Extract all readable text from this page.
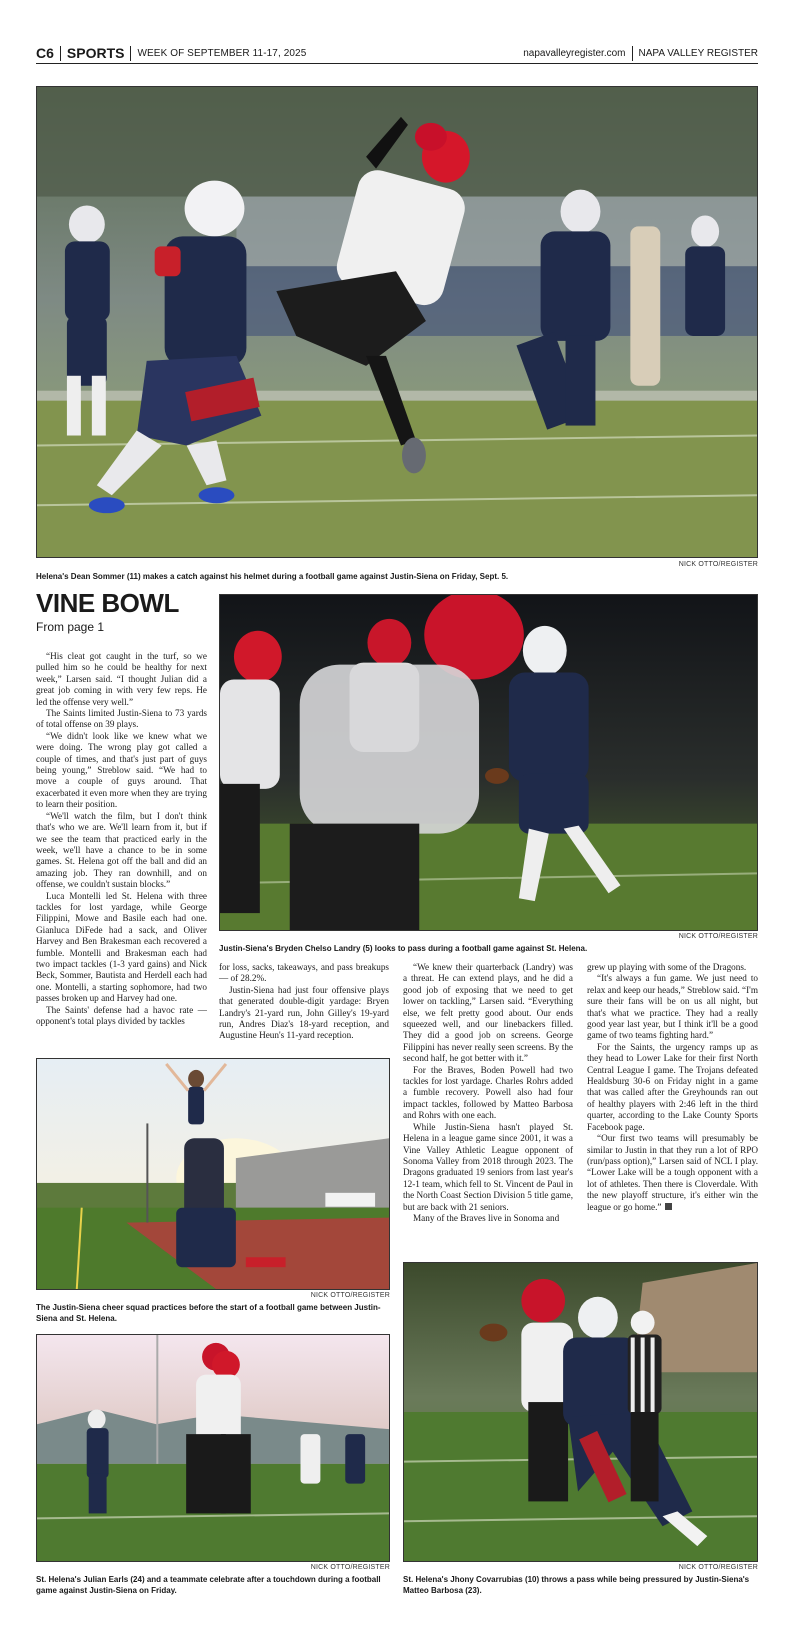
C6 SPORTS WEEK OF SEPTEMBER 11-17, 2025	napavalleyregister.com NAPA VALLEY REGISTER
NICK OTTO/REGISTER
Helena's Dean Sommer (11) makes a catch against his helmet during a football game against Justin-Siena on Friday, Sept. 5.
VINE BOWL
From page 1
NICK OTTO/REGISTER
Justin-Siena's Bryden Chelso Landry (5) looks to pass during a football game against St. Helena.

“His cleat got caught in the turf, so we pulled him so he could be healthy for next week,” Larsen said. “I thought Julian did a great job coming in with very few reps. He led the offense very well.”

The Saints limited Justin-Siena to 73 yards of total offense on 39 plays.

“We didn't look like we knew what we were doing. The wrong play got called a couple of times, and that's just part of guys being young,” Streblow said. “We had to move a couple of guys around. That exacerbated it even more when they are trying to learn their position.

“We'll watch the film, but I don't think that's who we are. We'll learn from it, but if we see the team that practiced early in the week, we'll have a chance to be in some games. St. Helena got off the ball and did an amazing job. They ran downhill, and on offense, we couldn't sustain blocks.”

Luca Montelli led St. Helena with three tackles for lost yardage, while George Filippini, Mowe and Basile each had one. Gianluca DiFede had a sack, and Oliver Harvey and Ben Brakesman each recovered a fumble. Montelli and Brakesman each had two impact tackles (1-3 yard gains) and Nick Beck, Sommer, Bautista and Herdell each had one. Montelli, a starting sophomore, had two passes broken up and Harvey had one.

The Saints' defense had a havoc rate — opponent's total plays divided by tackles

for loss, sacks, takeaways, and pass breakups — of 28.2%.

Justin-Siena had just four offensive plays that generated double-digit yardage: Bryen Landry's 21-yard run, John Gilley's 19-yard run, Andres Diaz's 18-yard reception, and Augustine Heun's 11-yard reception.

“We knew their quarterback (Landry) was a threat. He can extend plays, and he did a good job of exposing that we need to get lower on tackling,” Larsen said. “Everything else, we felt pretty good about. Our ends squeezed well, and our linebackers filled. They did a good job on screens. George Filippini has never really seen screens. By the second half, he got better with it.”

For the Braves, Boden Powell had two tackles for lost yardage. Charles Rohrs added a fumble recovery. Powell also had four impact tackles, followed by Matteo Barbosa and Rohrs with one each.

While Justin-Siena hasn't played St. Helena in a league game since 2001, it was a Vine Valley Athletic League opponent of Sonoma Valley from 2018 through 2023. The Dragons graduated 19 seniors from last year's 12-1 team, which fell to St. Vincent de Paul in the North Coast Section Division 5 title game, but are back with 21 seniors.

Many of the Braves live in Sonoma and

grew up playing with some of the Dragons.

“It's always a fun game. We just need to relax and keep our heads,” Streblow said. “I'm sure their fans will be on us all night, but that's what we practice. They had a really good year last year, but I think it'll be a good game of two teams fighting hard.”

For the Saints, the urgency ramps up as they head to Lower Lake for their first North Central League I game. The Trojans defeated Healdsburg 30-6 on Friday night in a game that was called after the Greyhounds ran out of healthy players with 2:46 left in the third quarter, according to the Lake County Sports Facebook page.

“Our first two teams will presumably be similar to Justin in that they run a lot of RPO (run/pass option),” Larsen said of NCL I play. “Lower Lake will be a tough opponent with a lot of athletes. Then there is Cloverdale. With the new playoff structure, it's either win the league or go home.”

NICK OTTO/REGISTER
The Justin-Siena cheer squad practices before the start of a football game between Justin-Siena and St. Helena.
NICK OTTO/REGISTER
St. Helena's Julian Earls (24) and a teammate celebrate after a touchdown during a football game against Justin-Siena on Friday.
NICK OTTO/REGISTER
St. Helena's Jhony Covarrubias (10) throws a pass while being pressured by Justin-Siena's Matteo Barbosa (23).
